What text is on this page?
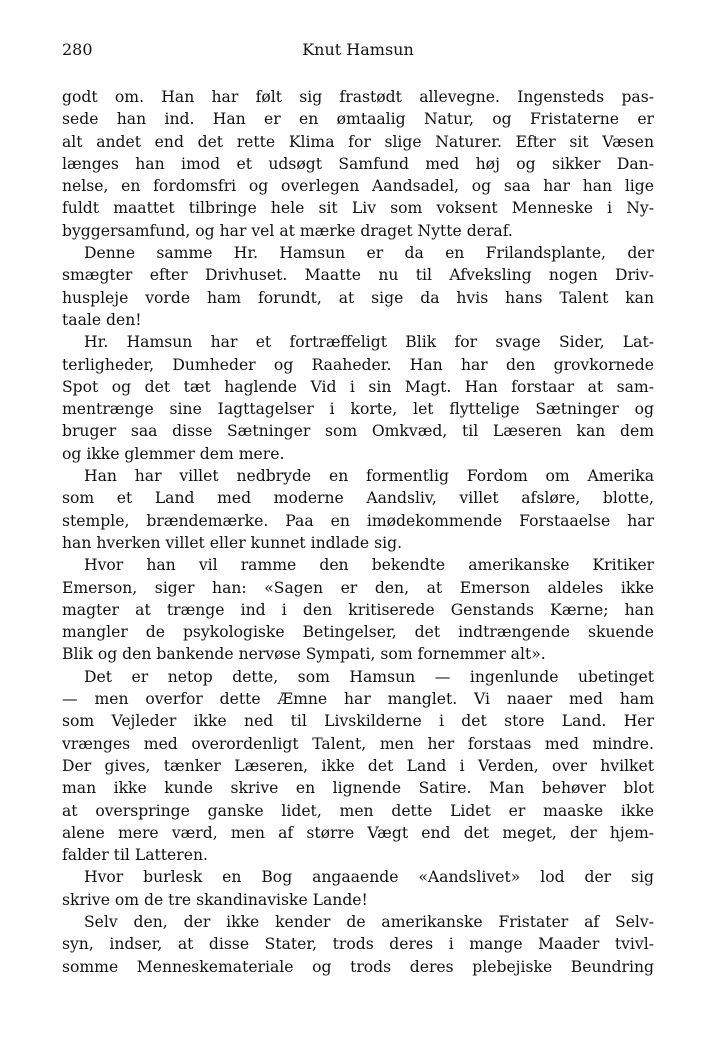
280	Knut Hamsun
godt om. Han har følt sig frastødt allevegne. Ingensteds pas-
sede han ind. Han er en ømtaalig Natur, og Fristaterne er
alt andet end det rette Klima for slige Naturer. Efter sit Væsen
længes han imod et udsøgt Samfund med høj og sikker Dan-
nelse, en fordomsfri og overlegen Aandsadel, og saa har han lige
fuldt maattet tilbringe hele sit Liv som voksent Menneske i Ny-
byggersamfund, og har vel at mærke draget Nytte deraf.
Denne samme Hr. Hamsun er da en Frilandsplante, der
smægter efter Drivhuset. Maatte nu til Afveksling nogen Driv-
huspleje vorde ham forundt, at sige da hvis hans Talent kan
taale den!
Hr. Hamsun har et fortræffeligt Blik for svage Sider, Lat-
terligheder, Dumheder og Raaheder. Han har den grovkornede
Spot og det tæt haglende Vid i sin Magt. Han forstaar at sam-
mentrænge sine Iagttagelser i korte, let flyttelige Sætninger og
bruger saa disse Sætninger som Omkvæd, til Læseren kan dem
og ikke glemmer dem mere.
Han har villet nedbryde en formentlig Fordom om Amerika
som et Land med moderne Aandsliv, villet afsløre, blotte,
stemple, brændemærke. Paa en imødekommende Forstaaelse har
han hverken villet eller kunnet indlade sig.
Hvor han vil ramme den bekendte amerikanske Kritiker
Emerson, siger han: «Sagen er den, at Emerson aldeles ikke
magter at trænge ind i den kritiserede Genstands Kærne; han
mangler de psykologiske Betingelser, det indtrængende skuende
Blik og den bankende nervøse Sympati, som fornemmer alt».
Det er netop dette, som Hamsun — ingenlunde ubetinget
— men overfor dette Æmne har manglet. Vi naaer med ham
som Vejleder ikke ned til Livskilderne i det store Land. Her
vrænges med overordenligt Talent, men her forstaas med mindre.
Der gives, tænker Læseren, ikke det Land i Verden, over hvilket
man ikke kunde skrive en lignende Satire. Man behøver blot
at overspringe ganske lidet, men dette Lidet er maaske ikke
alene mere værd, men af større Vægt end det meget, der hjem-
falder til Latteren.
Hvor burlesk en Bog angaaende «Aandslivet» lod der sig
skrive om de tre skandinaviske Lande!
Selv den, der ikke kender de amerikanske Fristater af Selv-
syn, indser, at disse Stater, trods deres i mange Maader tvivl-
somme Menneskemateriale og trods deres plebejiske Beundring
